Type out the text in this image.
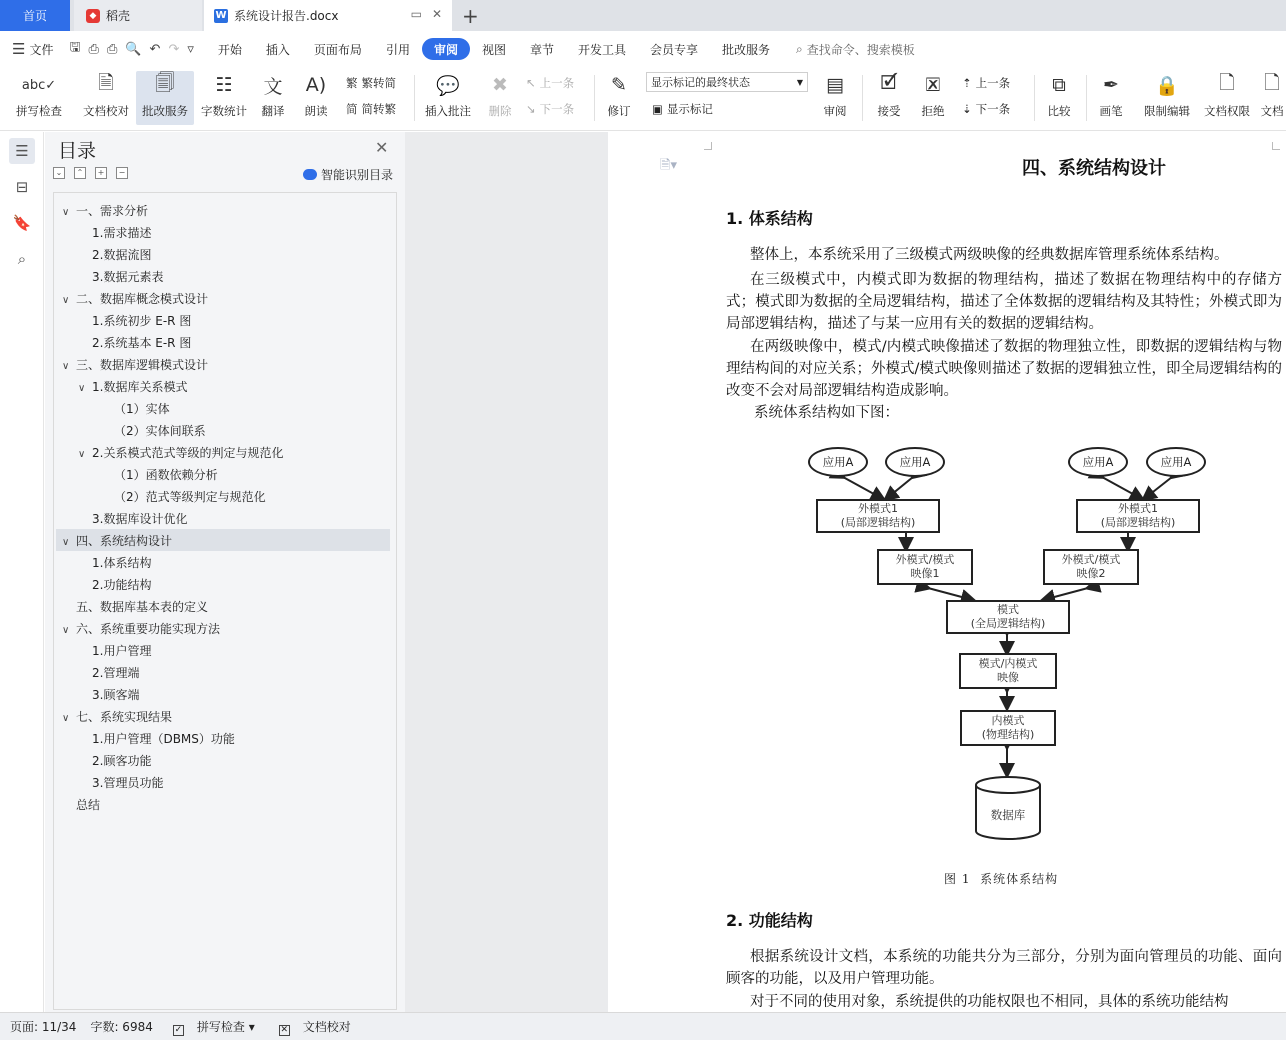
首页	◆ 稻壳	W 系统设计报告.docx	▭ ✕ +
☰ 文件	🖫 ⎙ ⎙ 🔍 ↶ ↷ ▿	开始	插入	页面布局	引用	审阅	视图	章节	开发工具	会员专享	批改服务	⌕ 查找命令、搜索模板
abc✓
拼写检查
🗎
文档校对
🗐
批改服务
☷
字数统计
文
翻译
A)
朗读
繁 繁转简
简 简转繁
💬
插入批注
✖
删除
↖ 上一条
↘ 下一条
✎
修订
显示标记的最终状态	▼
▣ 显示标记
▤
审阅
🗹
接受
🗷
拒绝
⇡ 上一条
⇣ 下一条
⧉
比较
✒
画笔
🔒
限制编辑
🗋
文档权限
🗋
文档
☰
⊟
🔖
⌕
目录	✕
⌄	⌃	+	−	智能识别目录
∨ 一、需求分析
1.需求描述
2.数据流图
3.数据元素表
∨ 二、数据库概念模式设计
1.系统初步 E-R 图
2.系统基本 E-R 图
∨ 三、数据库逻辑模式设计
∨ 1.数据库关系模式
（1）实体
（2）实体间联系
∨ 2.关系模式范式等级的判定与规范化
（1）函数依赖分析
（2）范式等级判定与规范化
3.数据库设计优化
∨ 四、系统结构设计
1.体系结构
2.功能结构
五、数据库基本表的定义
∨ 六、系统重要功能实现方法
1.用户管理
2.管理端
3.顾客端
∨ 七、系统实现结果
1.用户管理（DBMS）功能
2.顾客功能
3.管理员功能
总结
🗎▾	四、系统结构设计
1. 体系结构
整体上，本系统采用了三级模式两级映像的经典数据库管理系统体系结构。
在三级模式中，内模式即为数据的物理结构，描述了数据在物理结构中的存储方式；模式即为数据的全局逻辑结构，描述了全体数据的逻辑结构及其特性；外模式即为局部逻辑结构，描述了与某一应用有关的数据的逻辑结构。
在两级映像中，模式/内模式映像描述了数据的物理独立性，即数据的逻辑结构与物理结构间的对应关系；外模式/模式映像则描述了数据的逻辑独立性，即全局逻辑结构的改变不会对局部逻辑结构造成影响。
系统体系结构如下图：
应用A	应用A	应用A	应用A
外模式1
(局部逻辑结构)
外模式1
(局部逻辑结构)
外模式/模式
映像1
外模式/模式
映像2
模式
(全局逻辑结构)
模式/内模式
映像
内模式
(物理结构)
数据库
图 1  系统体系结构
2. 功能结构
根据系统设计文档，本系统的功能共分为三部分，分别为面向管理员的功能、面向顾客的功能，以及用户管理功能。
对于不同的使用对象，系统提供的功能权限也不相同，具体的系统功能结构
页面: 11/34 字数: 6984	✓ 拼写检查 ▾	✕ 文档校对
